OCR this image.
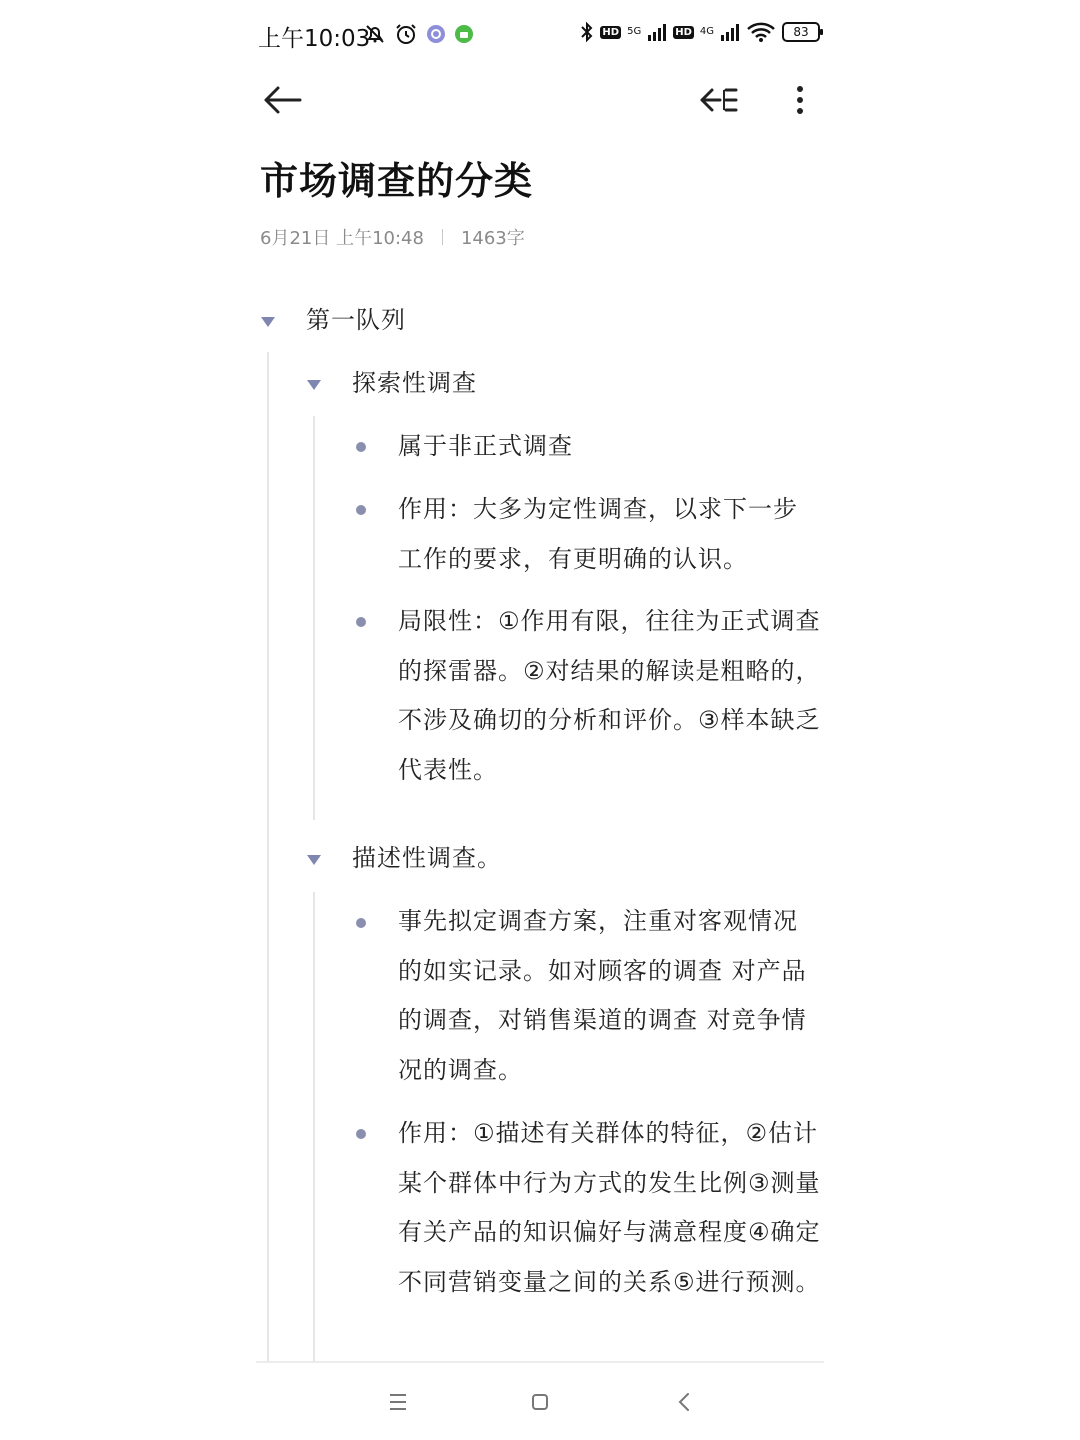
上午10:03	HD 5G	HD 4G	83
市场调查的分类
6月21日 上午10:48 1463字
第一队列
探索性调查
属于非正式调查
作用：大多为定性调查，以求下一步工作的要求，有更明确的认识。
局限性：①作用有限，往往为正式调查的探雷器。②对结果的解读是粗略的，不涉及确切的分析和评价。③样本缺乏代表性。
描述性调查。
事先拟定调查方案，注重对客观情况的如实记录。如对顾客的调查 对产品的调查，对销售渠道的调查 对竞争情况的调查。
作用：①描述有关群体的特征，②估计某个群体中行为方式的发生比例③测量有关产品的知识偏好与满意程度④确定不同营销变量之间的关系⑤进行预测。
